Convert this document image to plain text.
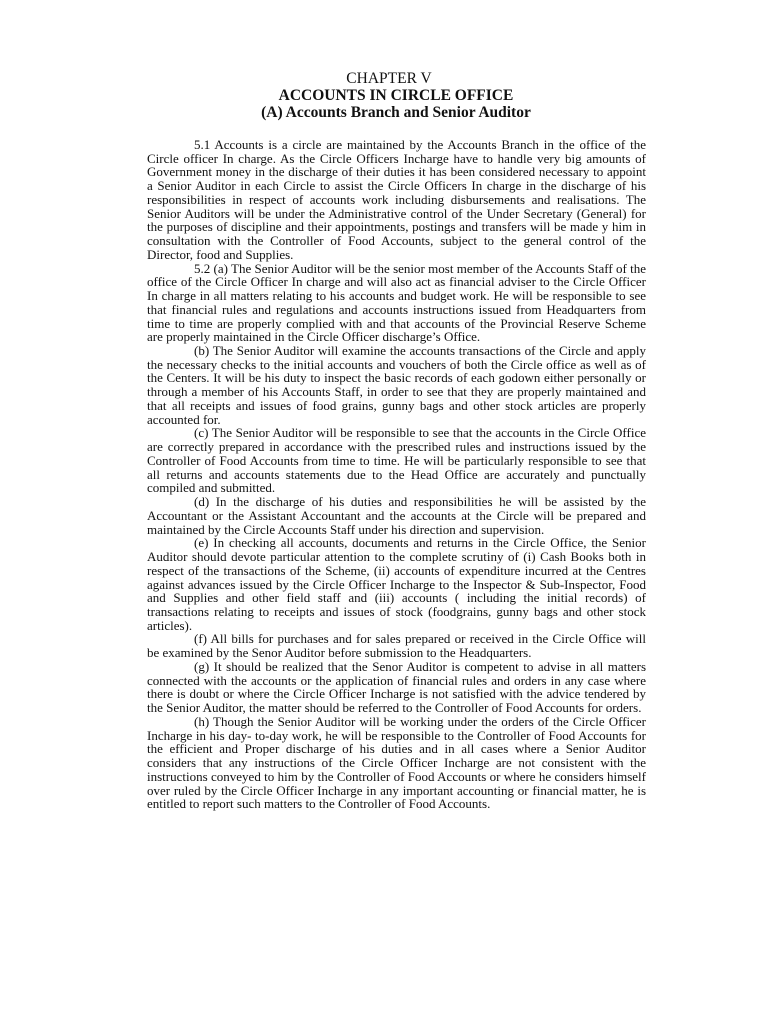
CHAPTER V
ACCOUNTS IN CIRCLE OFFICE
(A) Accounts Branch and Senior Auditor

5.1 Accounts is a circle are maintained by the Accounts Branch in the office of the Circle officer In charge. As the Circle Officers Incharge have to handle very big amounts of Government money in the discharge of their duties it has been considered necessary to appoint a Senior Auditor in each Circle to assist the Circle Officers In charge in the discharge of his responsibilities in respect of accounts work including disbursements and realisations. The Senior Auditors will be under the Administrative control of the Under Secretary (General) for the purposes of discipline and their appointments, postings and transfers will be made y him in consultation with the Controller of Food Accounts, subject to the general control of the Director, food and Supplies.

5.2 (a) The Senior Auditor will be the senior most member of the Accounts Staff of the office of the Circle Officer In charge and will also act as financial adviser to the Circle Officer In charge in all matters relating to his accounts and budget work. He will be responsible to see that financial rules and regulations and accounts instructions issued from Headquarters from time to time are properly complied with and that accounts of the Provincial Reserve Scheme are properly maintained in the Circle Officer discharge’s Office.

(b) The Senior Auditor will examine the accounts transactions of the Circle and apply the necessary checks to the initial accounts and vouchers of both the Circle office as well as of the Centers. It will be his duty to inspect the basic records of each godown either personally or through a member of his Accounts Staff, in order to see that they are properly maintained and that all receipts and issues of food grains, gunny bags and other stock articles are properly accounted for.

(c) The Senior Auditor will be responsible to see that the accounts in the Circle Office are correctly prepared in accordance with the prescribed rules and instructions issued by the Controller of Food Accounts from time to time. He will be particularly responsible to see that all returns and accounts statements due to the Head Office are accurately and punctually compiled and submitted.

(d) In the discharge of his duties and responsibilities he will be assisted by the Accountant or the Assistant Accountant and the accounts at the Circle will be prepared and maintained by the Circle Accounts Staff under his direction and supervision.

(e) In checking all accounts, documents and returns in the Circle Office, the Senior Auditor should devote particular attention to the complete scrutiny of (i) Cash Books both in respect of the transactions of the Scheme, (ii) accounts of expenditure incurred at the Centres against advances issued by the Circle Officer Incharge to the Inspector & Sub-Inspector, Food and Supplies and other field staff and (iii) accounts ( including the initial records) of transactions relating to receipts and issues of stock (foodgrains, gunny bags and other stock articles).

(f) All bills for purchases and for sales prepared or received in the Circle Office will be examined by the Senor Auditor before submission to the Headquarters.

(g) It should be realized that the Senor Auditor is competent to advise in all matters connected with the accounts or the application of financial rules and orders in any case where there is doubt or where the Circle Officer Incharge is not satisfied with the advice tendered by the Senior Auditor, the matter should be referred to the Controller of Food Accounts for orders.

(h) Though the Senior Auditor will be working under the orders of the Circle Officer Incharge in his day- to-day work, he will be responsible to the Controller of Food Accounts for the efficient and Proper discharge of his duties and in all cases where a Senior Auditor considers that any instructions of the Circle Officer Incharge are not consistent with the instructions conveyed to him by the Controller of Food Accounts or where he considers himself over ruled by the Circle Officer Incharge in any important accounting or financial matter, he is entitled to report such matters to the Controller of Food Accounts.
